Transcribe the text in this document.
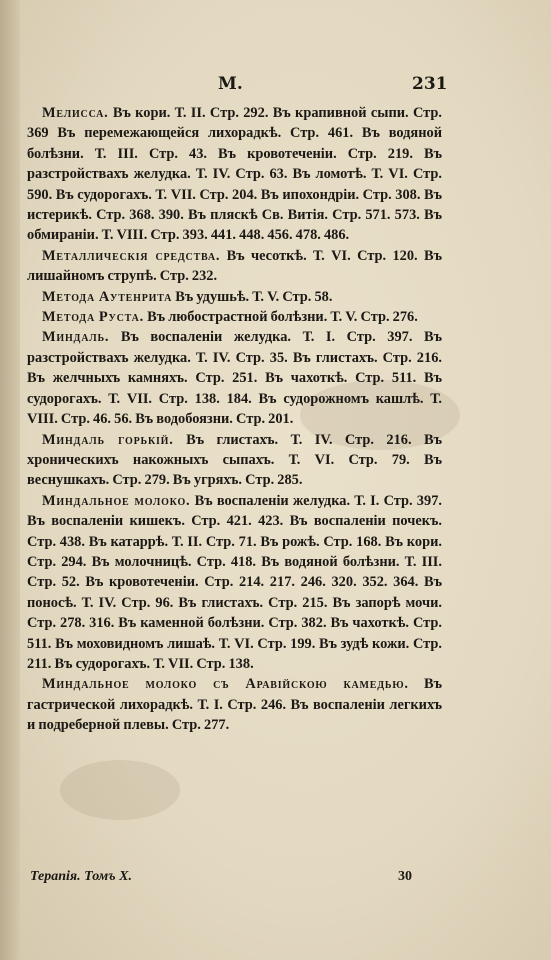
М.	231

Мелисса. Въ кори. Т. II. Стр. 292. Въ крапивной сыпи. Стр. 369 Въ перемежающейся лихорадкѣ. Стр. 461. Въ водяной болѣзни. Т. III. Стр. 43. Въ кровотеченіи. Стр. 219. Въ разстройствахъ желудка. Т. IV. Стр. 63. Въ ломотѣ. Т. VI. Стр. 590. Въ судорогахъ. Т. VII. Стр. 204. Въ ипохондріи. Стр. 308. Въ истерикѣ. Стр. 368. 390. Въ пляскѣ Св. Витія. Стр. 571. 573. Въ обмираніи. Т. VIII. Стр. 393. 441. 448. 456. 478. 486.

Металлическія средства. Въ чесоткѣ. Т. VI. Стр. 120. Въ лишайномъ струпѣ. Стр. 232.

Метода Аутенрита Въ удушьѣ. Т. V. Стр. 58.

Метода Руста. Въ любострастной болѣзни. Т. V. Стр. 276.

Миндаль. Въ воспаленіи желудка. Т. I. Стр. 397. Въ разстройствахъ желудка. Т. IV. Стр. 35. Въ глистахъ. Стр. 216. Въ желчныхъ камняхъ. Стр. 251. Въ чахоткѣ. Стр. 511. Въ судорогахъ. Т. VII. Стр. 138. 184. Въ судорожномъ кашлѣ. Т. VIII. Стр. 46. 56. Въ водобоязни. Стр. 201.

Миндаль горькій. Въ глистахъ. Т. IV. Стр. 216. Въ хроническихъ накожныхъ сыпахъ. Т. VI. Стр. 79. Въ веснушкахъ. Стр. 279. Въ угряхъ. Стр. 285.

Миндальное молоко. Въ воспаленіи желудка. Т. I. Стр. 397. Въ воспаленіи кишекъ. Стр. 421. 423. Въ воспаленіи почекъ. Стр. 438. Въ катаррѣ. Т. II. Стр. 71. Въ рожѣ. Стр. 168. Въ кори. Стр. 294. Въ молочницѣ. Стр. 418. Въ водяной болѣзни. Т. III. Стр. 52. Въ кровотеченіи. Стр. 214. 217. 246. 320. 352. 364. Въ поносѣ. Т. IV. Стр. 96. Въ глистахъ. Стр. 215. Въ запорѣ мочи. Стр. 278. 316. Въ каменной болѣзни. Стр. 382. Въ чахоткѣ. Стр. 511. Въ моховидномъ лишаѣ. Т. VI. Стр. 199. Въ зудѣ кожи. Стр. 211. Въ судорогахъ. Т. VII. Стр. 138.

Миндальное молоко съ Аравійскою камедью. Въ гастрической лихорадкѣ. Т. I. Стр. 246. Въ воспаленіи легкихъ и подреберной плевы. Стр. 277.

Терапія. Томъ X.	30
